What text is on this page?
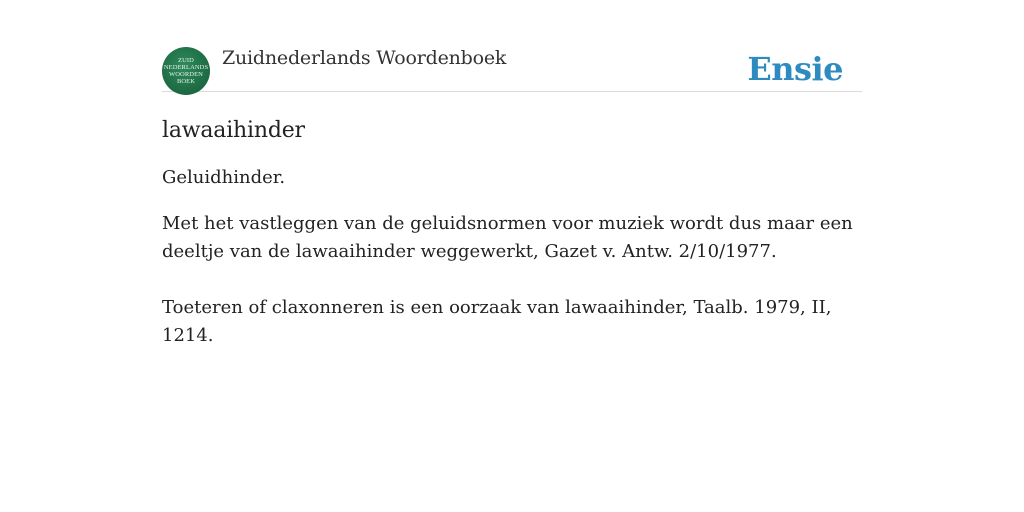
ZUID
NEDERLANDS
WOORDEN
BOEK
Zuidnederlands Woordenboek	Ensie
lawaaihinder

Geluidhinder.

Met het vastleggen van de geluidsnormen voor muziek wordt dus maar een deeltje van de lawaaihinder weggewerkt, Gazet v. Antw. 2/10/1977.

Toeteren of claxonneren is een oorzaak van lawaaihinder, Taalb. 1979, II, 1214.
